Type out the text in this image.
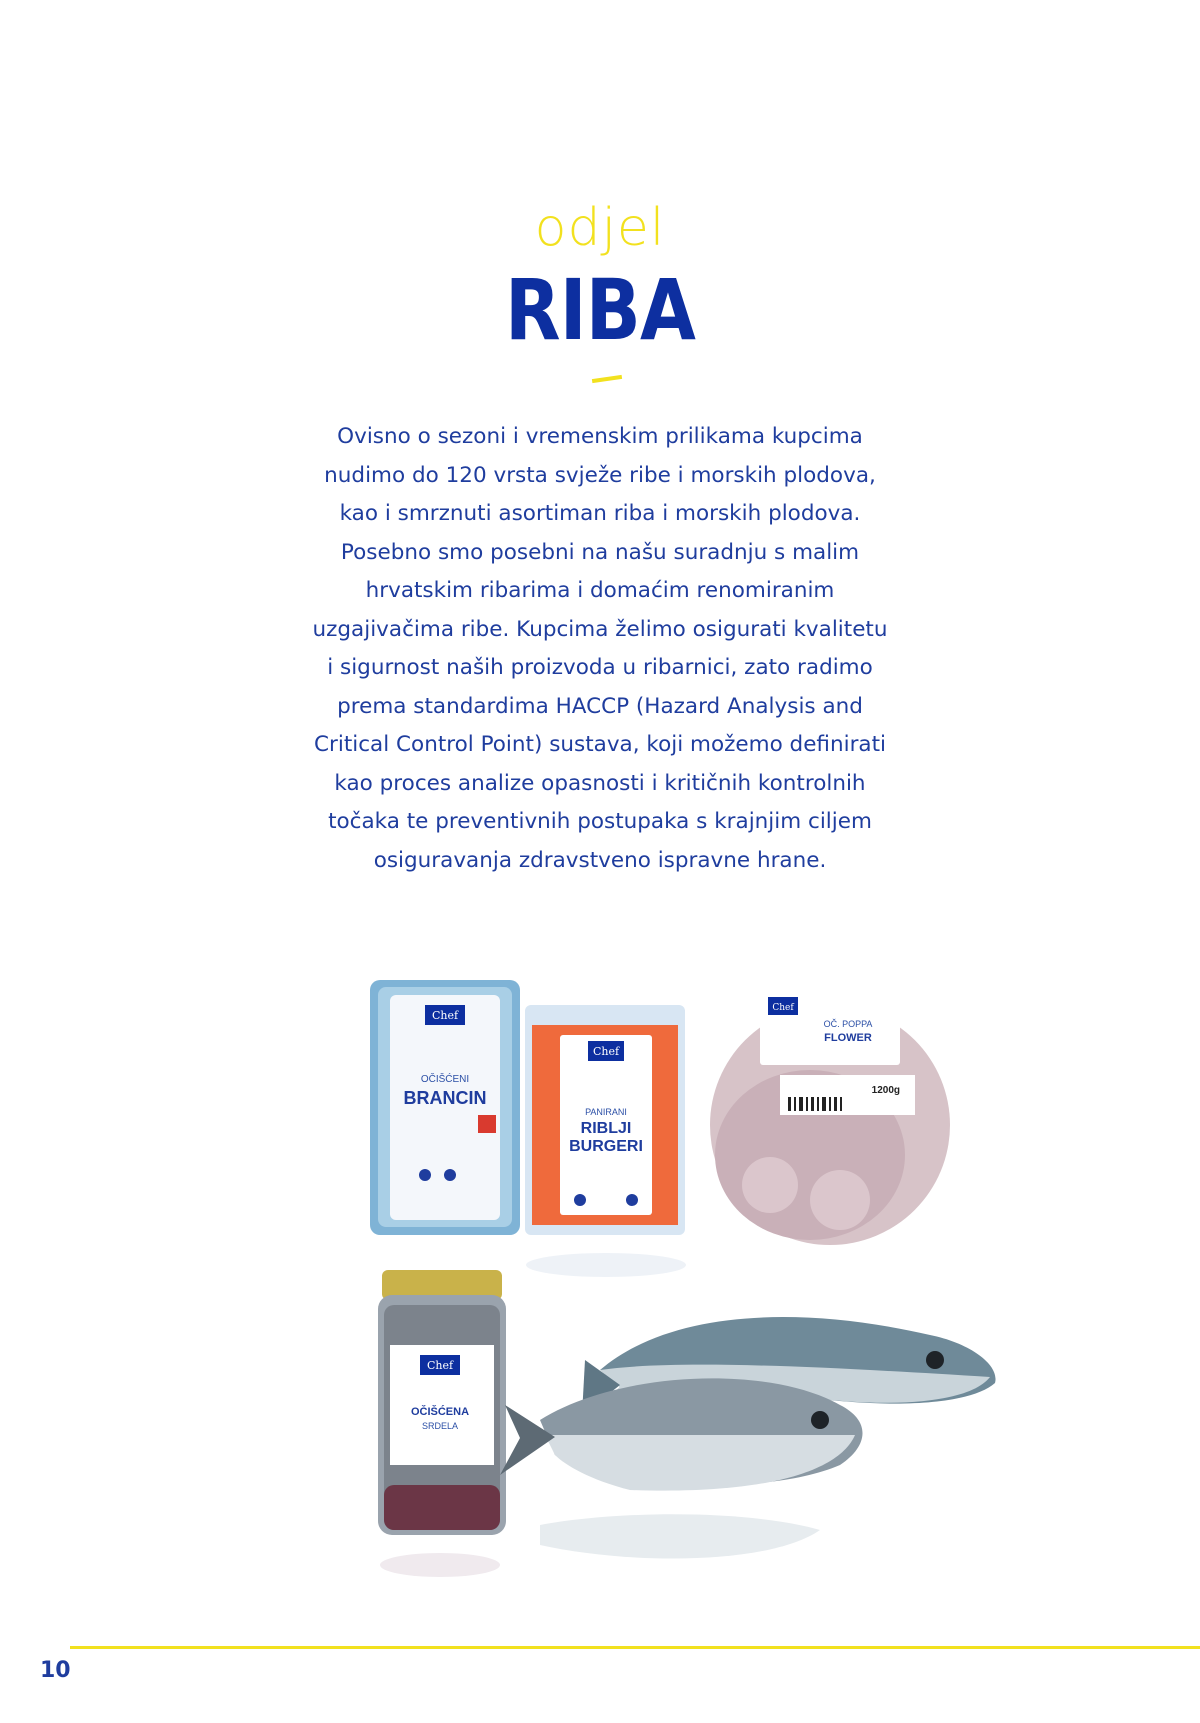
odjel
RIBA

Ovisno o sezoni i vremenskim prilikama kupcima nudimo do 120 vrsta svježe ribe i morskih plodova, kao i smrznuti asortiman riba i morskih plodova. Posebno smo posebni na našu suradnju s malim hrvatskim ribarima i domaćim renomiranim uzgajivačima ribe. Kupcima želimo osigurati kvalitetu i sigurnost naših proizvoda u ribarnici, zato radimo prema standardima HACCP (Hazard Analysis and Critical Control Point) sustava, koji možemo definirati kao proces analize opasnosti i kritičnih kontrolnih točaka te preventivnih postupaka s krajnjim ciljem osiguravanja zdravstveno ispravne hrane.

Chef
OČIŠĆENI
BRANCIN
Chef
PANIRANI
RIBLJI
BURGERI
Chef
OČ. POPPA
FLOWER
1200g
Chef
OČIŠĆENA
SRDELA
10
